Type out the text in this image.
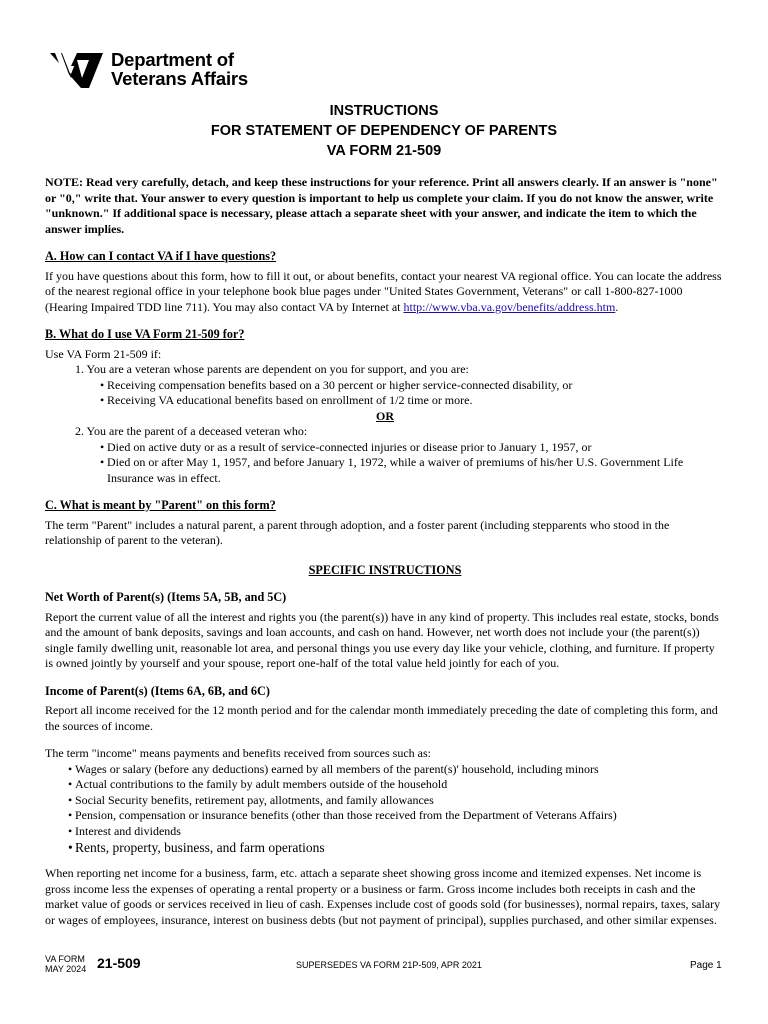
Department of
Veterans Affairs
INSTRUCTIONS
FOR STATEMENT OF DEPENDENCY OF PARENTS
VA FORM 21-509

NOTE: Read very carefully, detach, and keep these instructions for your reference. Print all answers clearly. If an answer is "none" or "0," write that. Your answer to every question is important to help us complete your claim. If you do not know the answer, write "unknown." If additional space is necessary, please attach a separate sheet with your answer, and indicate the item to which the answer implies.

A. How can I contact VA if I have questions?

If you have questions about this form, how to fill it out, or about benefits, contact your nearest VA regional office. You can locate the address of the nearest regional office in your telephone book blue pages under "United States Government, Veterans" or call 1-800-827-1000 (Hearing Impaired TDD line 711). You may also contact VA by Internet at http://www.vba.va.gov/benefits/address.htm.

B. What do I use VA Form 21-509 for?

Use VA Form 21-509 if:

1. You are a veteran whose parents are dependent on you for support, and you are:

• Receiving compensation benefits based on a 30 percent or higher service-connected disability, or

• Receiving VA educational benefits based on enrollment of 1/2 time or more.

OR

2. You are the parent of a deceased veteran who:

• Died on active duty or as a result of service-connected injuries or disease prior to January 1, 1957, or

• Died on or after May 1, 1957, and before January 1, 1972, while a waiver of premiums of his/her U.S. Government Life Insurance was in effect.

C. What is meant by "Parent" on this form?

The term "Parent" includes a natural parent, a parent through adoption, and a foster parent (including stepparents who stood in the relationship of parent to the veteran).

SPECIFIC INSTRUCTIONS
Net Worth of Parent(s) (Items 5A, 5B, and 5C)

Report the current value of all the interest and rights you (the parent(s)) have in any kind of property. This includes real estate, stocks, bonds and the amount of bank deposits, savings and loan accounts, and cash on hand. However, net worth does not include your (the parent(s)) single family dwelling unit, reasonable lot area, and personal things you use every day like your vehicle, clothing, and furniture. If property is owned jointly by yourself and your spouse, report one-half of the total value held jointly for each of you.

Income of Parent(s) (Items 6A, 6B, and 6C)

Report all income received for the 12 month period and for the calendar month immediately preceding the date of completing this form, and the sources of income.

The term "income" means payments and benefits received from sources such as:

• Wages or salary (before any deductions) earned by all members of the parent(s)' household, including minors

• Actual contributions to the family by adult members outside of the household

• Social Security benefits, retirement pay, allotments, and family allowances

• Pension, compensation or insurance benefits (other than those received from the Department of Veterans Affairs)

• Interest and dividends

• Rents, property, business, and farm operations

When reporting net income for a business, farm, etc. attach a separate sheet showing gross income and itemized expenses. Net income is gross income less the expenses of operating a rental property or a business or farm. Gross income includes both receipts in cash and the market value of goods or services received in lieu of cash. Expenses include cost of goods sold (for businesses), normal repairs, taxes, salary or wages of employees, insurance, interest on business debts (but not payment of principal), supplies purchased, and other similar expenses.

VA FORM
MAY 2024 21-509	SUPERSEDES VA FORM 21P-509, APR 2021	Page 1
